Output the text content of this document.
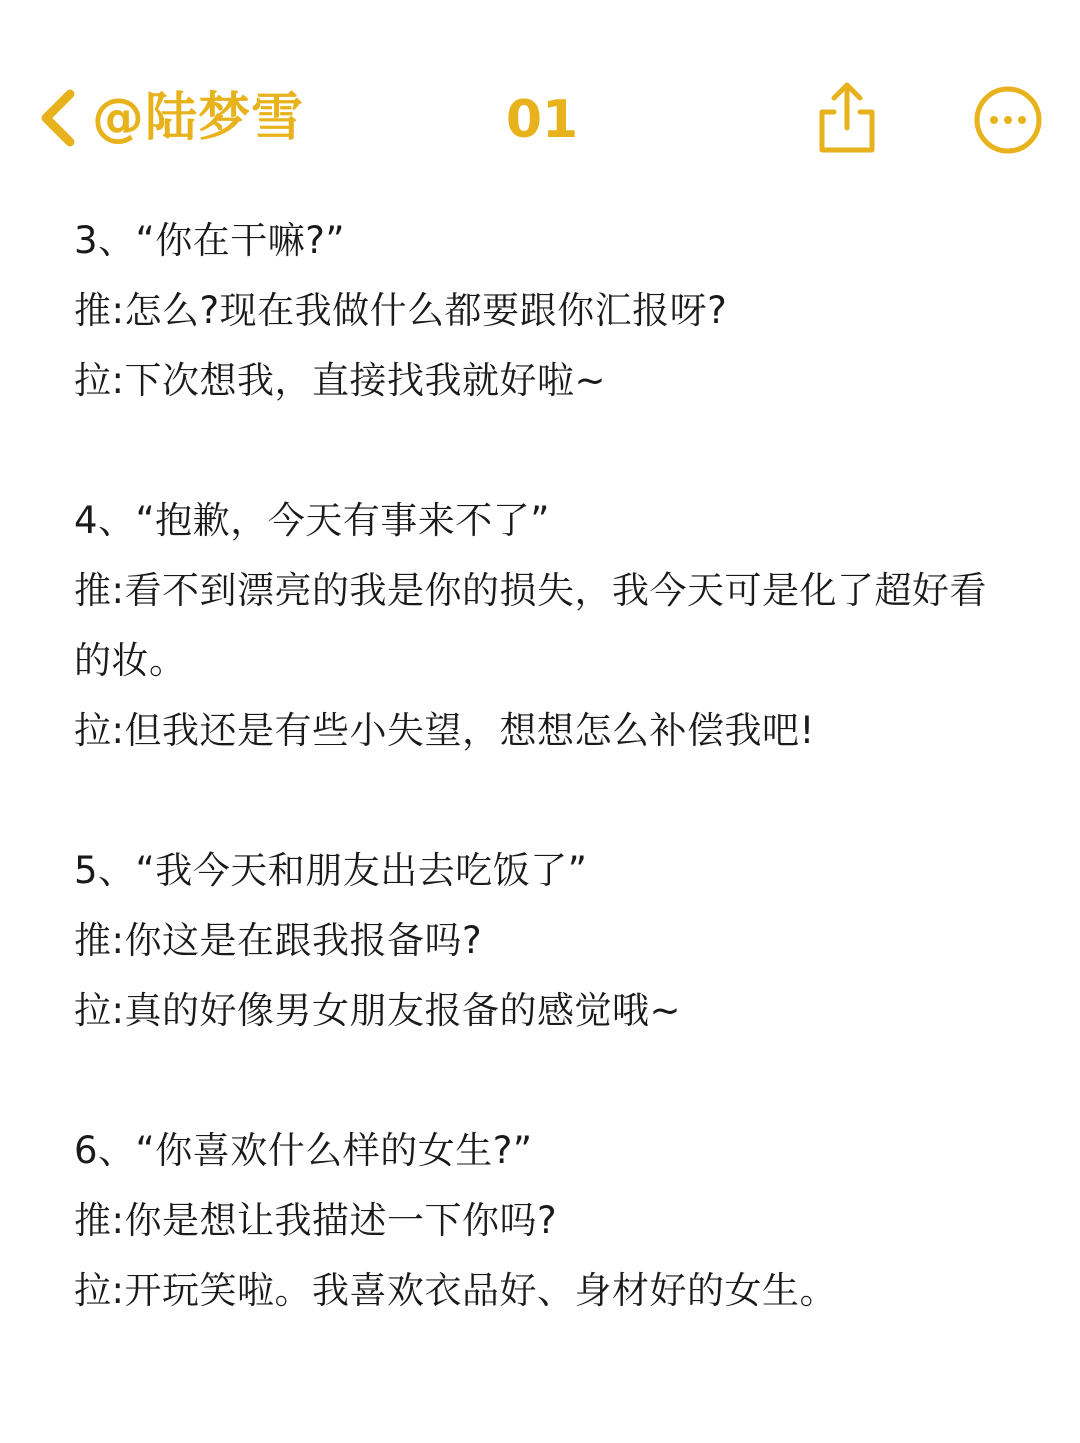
@陆梦雪	01
3、“你在干嘛?”
推:怎么?现在我做什么都要跟你汇报呀?
拉:下次想我，直接找我就好啦~
4、“抱歉，今天有事来不了”
推:看不到漂亮的我是你的损失，我今天可是化了超好看的妆。
拉:但我还是有些小失望，想想怎么补偿我吧!
5、“我今天和朋友出去吃饭了”
推:你这是在跟我报备吗?
拉:真的好像男女朋友报备的感觉哦~
6、“你喜欢什么样的女生?”
推:你是想让我描述一下你吗?
拉:开玩笑啦。我喜欢衣品好、身材好的女生。
